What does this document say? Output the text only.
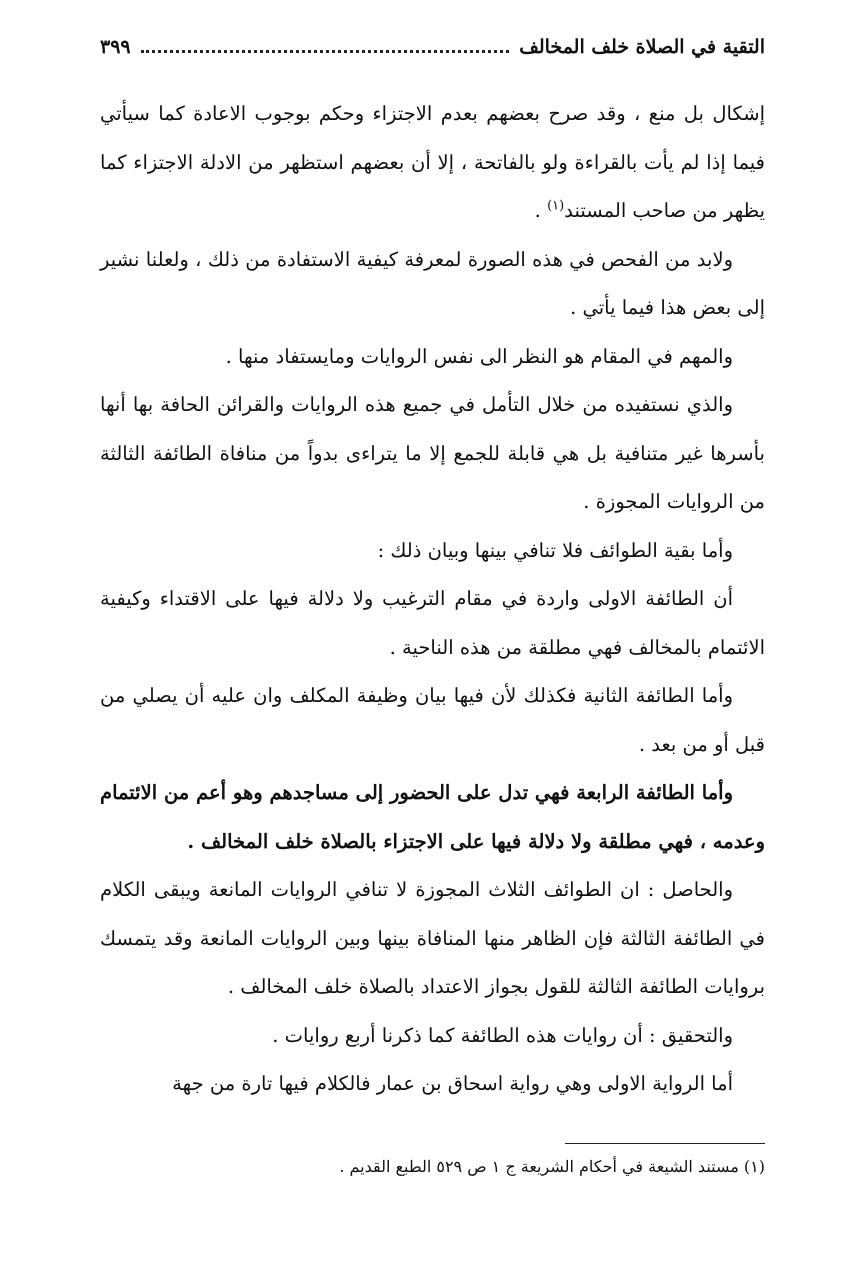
التقية في الصلاة خلف المخالف
٣٩٩

إشكال بل منع ، وقد صرح بعضهم بعدم الاجتزاء وحكم بوجوب الاعادة كما سيأتي فيما إذا لم يأت بالقراءة ولو بالفاتحة ، إلا أن بعضهم استظهر من الادلة الاجتزاء كما يظهر من صاحب المستند$^{(١)}$ .

ولابد من الفحص في هذه الصورة لمعرفة كيفية الاستفادة من ذلك ، ولعلنا نشير إلى بعض هذا فيما يأتي .

والمهم في المقام هو النظر الى نفس الروايات ومايستفاد منها .

والذي نستفيده من خلال التأمل في جميع هذه الروايات والقرائن الحافة بها أنها بأسرها غير متنافية بل هي قابلة للجمع إلا ما يتراءى بدواً من منافاة الطائفة الثالثة من الروايات المجوزة .

وأما بقية الطوائف فلا تنافي بينها وبيان ذلك :

أن الطائفة الاولى واردة في مقام الترغيب ولا دلالة فيها على الاقتداء وكيفية الائتمام بالمخالف فهي مطلقة من هذه الناحية .

وأما الطائفة الثانية فكذلك لأن فيها بيان وظيفة المكلف وان عليه أن يصلي من قبل أو من بعد .

وأما الطائفة الرابعة فهي تدل على الحضور إلى مساجدهم وهو أعم من الائتمام وعدمه ، فهي مطلقة ولا دلالة فيها على الاجتزاء بالصلاة خلف المخالف .

والحاصل : ان الطوائف الثلاث المجوزة لا تنافي الروايات المانعة ويبقى الكلام في الطائفة الثالثة فإن الظاهر منها المنافاة بينها وبين الروايات المانعة وقد يتمسك بروايات الطائفة الثالثة للقول بجواز الاعتداد بالصلاة خلف المخالف .

والتحقيق : أن روايات هذه الطائفة كما ذكرنا أربع روايات .

أما الرواية الاولى وهي رواية اسحاق بن عمار فالكلام فيها تارة من جهة

(١) مستند الشيعة في أحكام الشريعة ج ١ ص ٥٢٩ الطبع القديم .
